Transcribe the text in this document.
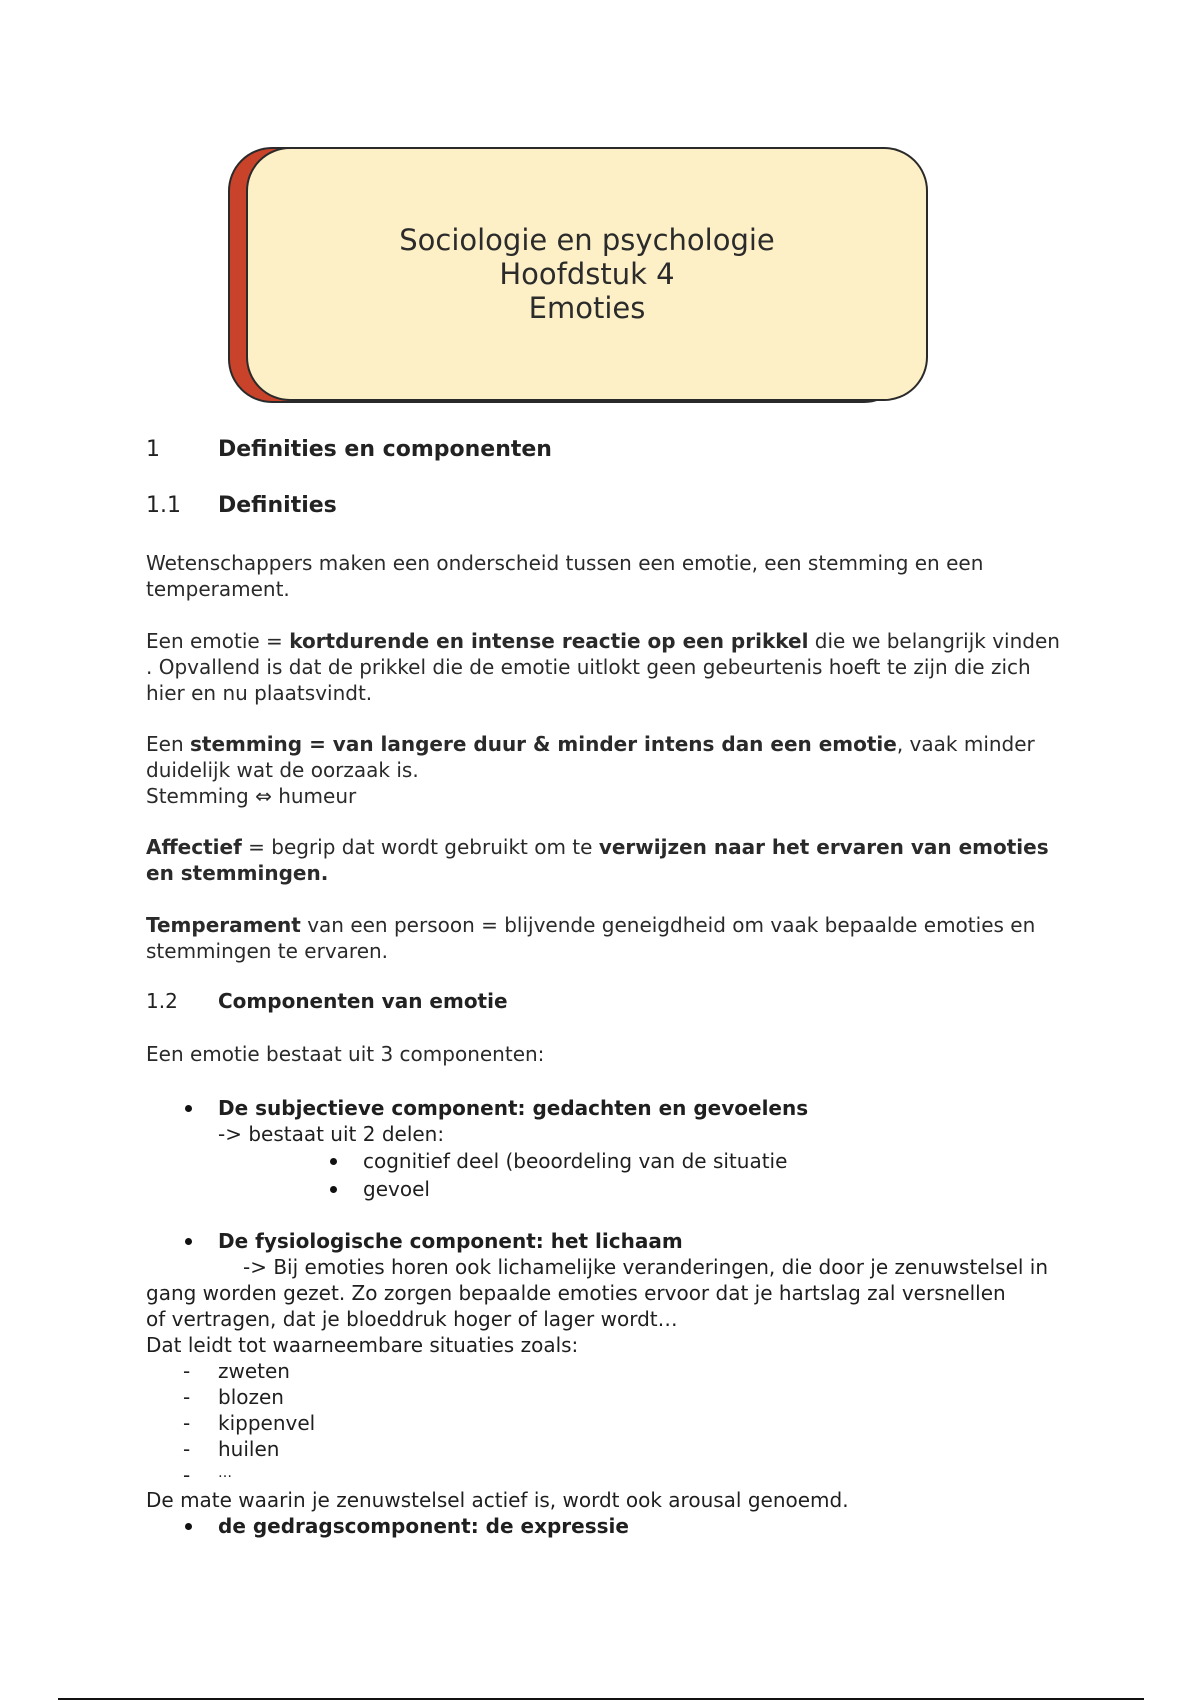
Sociologie en psychologie
Hoofdstuk 4
Emoties
1	Definities en componenten
1.1 Definities
Wetenschappers maken een onderscheid tussen een emotie, een stemming en een temperament.
Een emotie = kortdurende en intense reactie op een prikkel die we belangrijk vinden . Opvallend is dat de prikkel die de emotie uitlokt geen gebeurtenis hoeft te zijn die zich hier en nu plaatsvindt.
Een stemming = van langere duur & minder intens dan een emotie, vaak minder duidelijk wat de oorzaak is.
Stemming ⇔ humeur
Affectief = begrip dat wordt gebruikt om te verwijzen naar het ervaren van emoties en stemmingen.
Temperament van een persoon = blijvende geneigdheid om vaak bepaalde emoties en stemmingen te ervaren.
1.2 Componenten van emotie
Een emotie bestaat uit 3 componenten:
De subjectieve component: gedachten en gevoelens
-> bestaat uit 2 delen:
cognitief deel (beoordeling van de situatie
gevoel
De fysiologische component: het lichaam
-> Bij emoties horen ook lichamelijke veranderingen, die door je zenuwstelsel in
gang worden gezet. Zo zorgen bepaalde emoties ervoor dat je hartslag zal versnellen
of vertragen, dat je bloeddruk hoger of lager wordt…
Dat leidt tot waarneembare situaties zoals:
- zweten
- blozen
- kippenvel
- huilen
- …
De mate waarin je zenuwstelsel actief is, wordt ook arousal genoemd.
de gedragscomponent: de expressie
